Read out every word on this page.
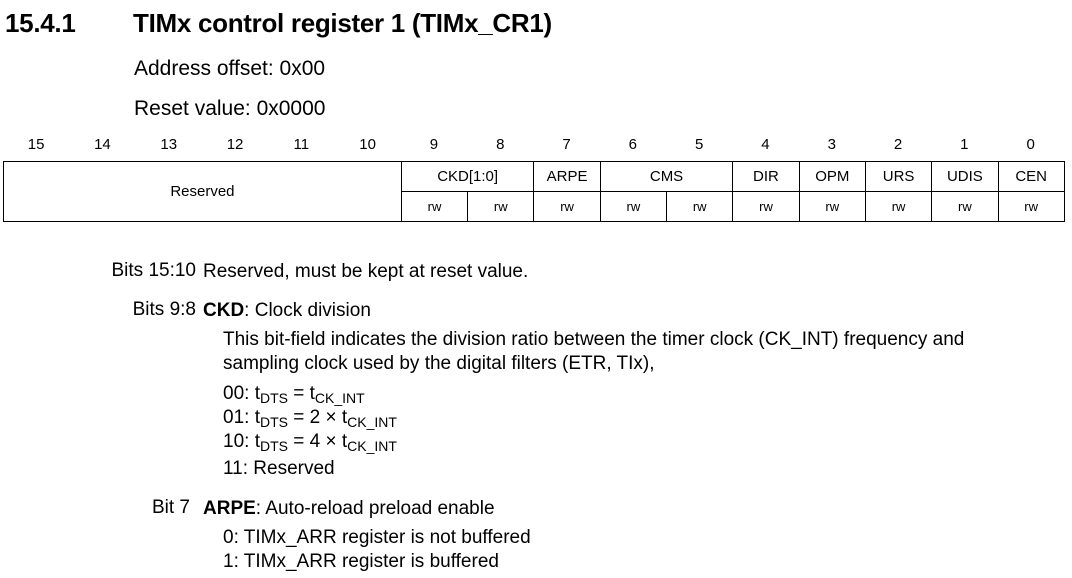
15.4.1 TIMx control register 1 (TIMx_CR1)
Address offset: 0x00
Reset value: 0x0000
15	14	13	12	11	10	9	8	7	6	5	4	3	2	1	0
Reserved	CKD[1:0]		ARPE	CMS		DIR	OPM	URS	UDIS	CEN
	rw	rw	rw	rw	rw	rw	rw	rw	rw	rw
Bits 15:10 Reserved, must be kept at reset value.
Bits 9:8 CKD: Clock division
This bit-field indicates the division ratio between the timer clock (CK_INT) frequency and
sampling clock used by the digital filters (ETR, TIx),
00: $t_{DTS} = t_{CK\_INT}$
01: $t_{DTS} = 2 \times t_{CK\_INT}$
10: $t_{DTS} = 4 \times t_{CK\_INT}$
11: Reserved
Bit 7 ARPE: Auto-reload preload enable
0: TIMx_ARR register is not buffered
1: TIMx_ARR register is buffered
